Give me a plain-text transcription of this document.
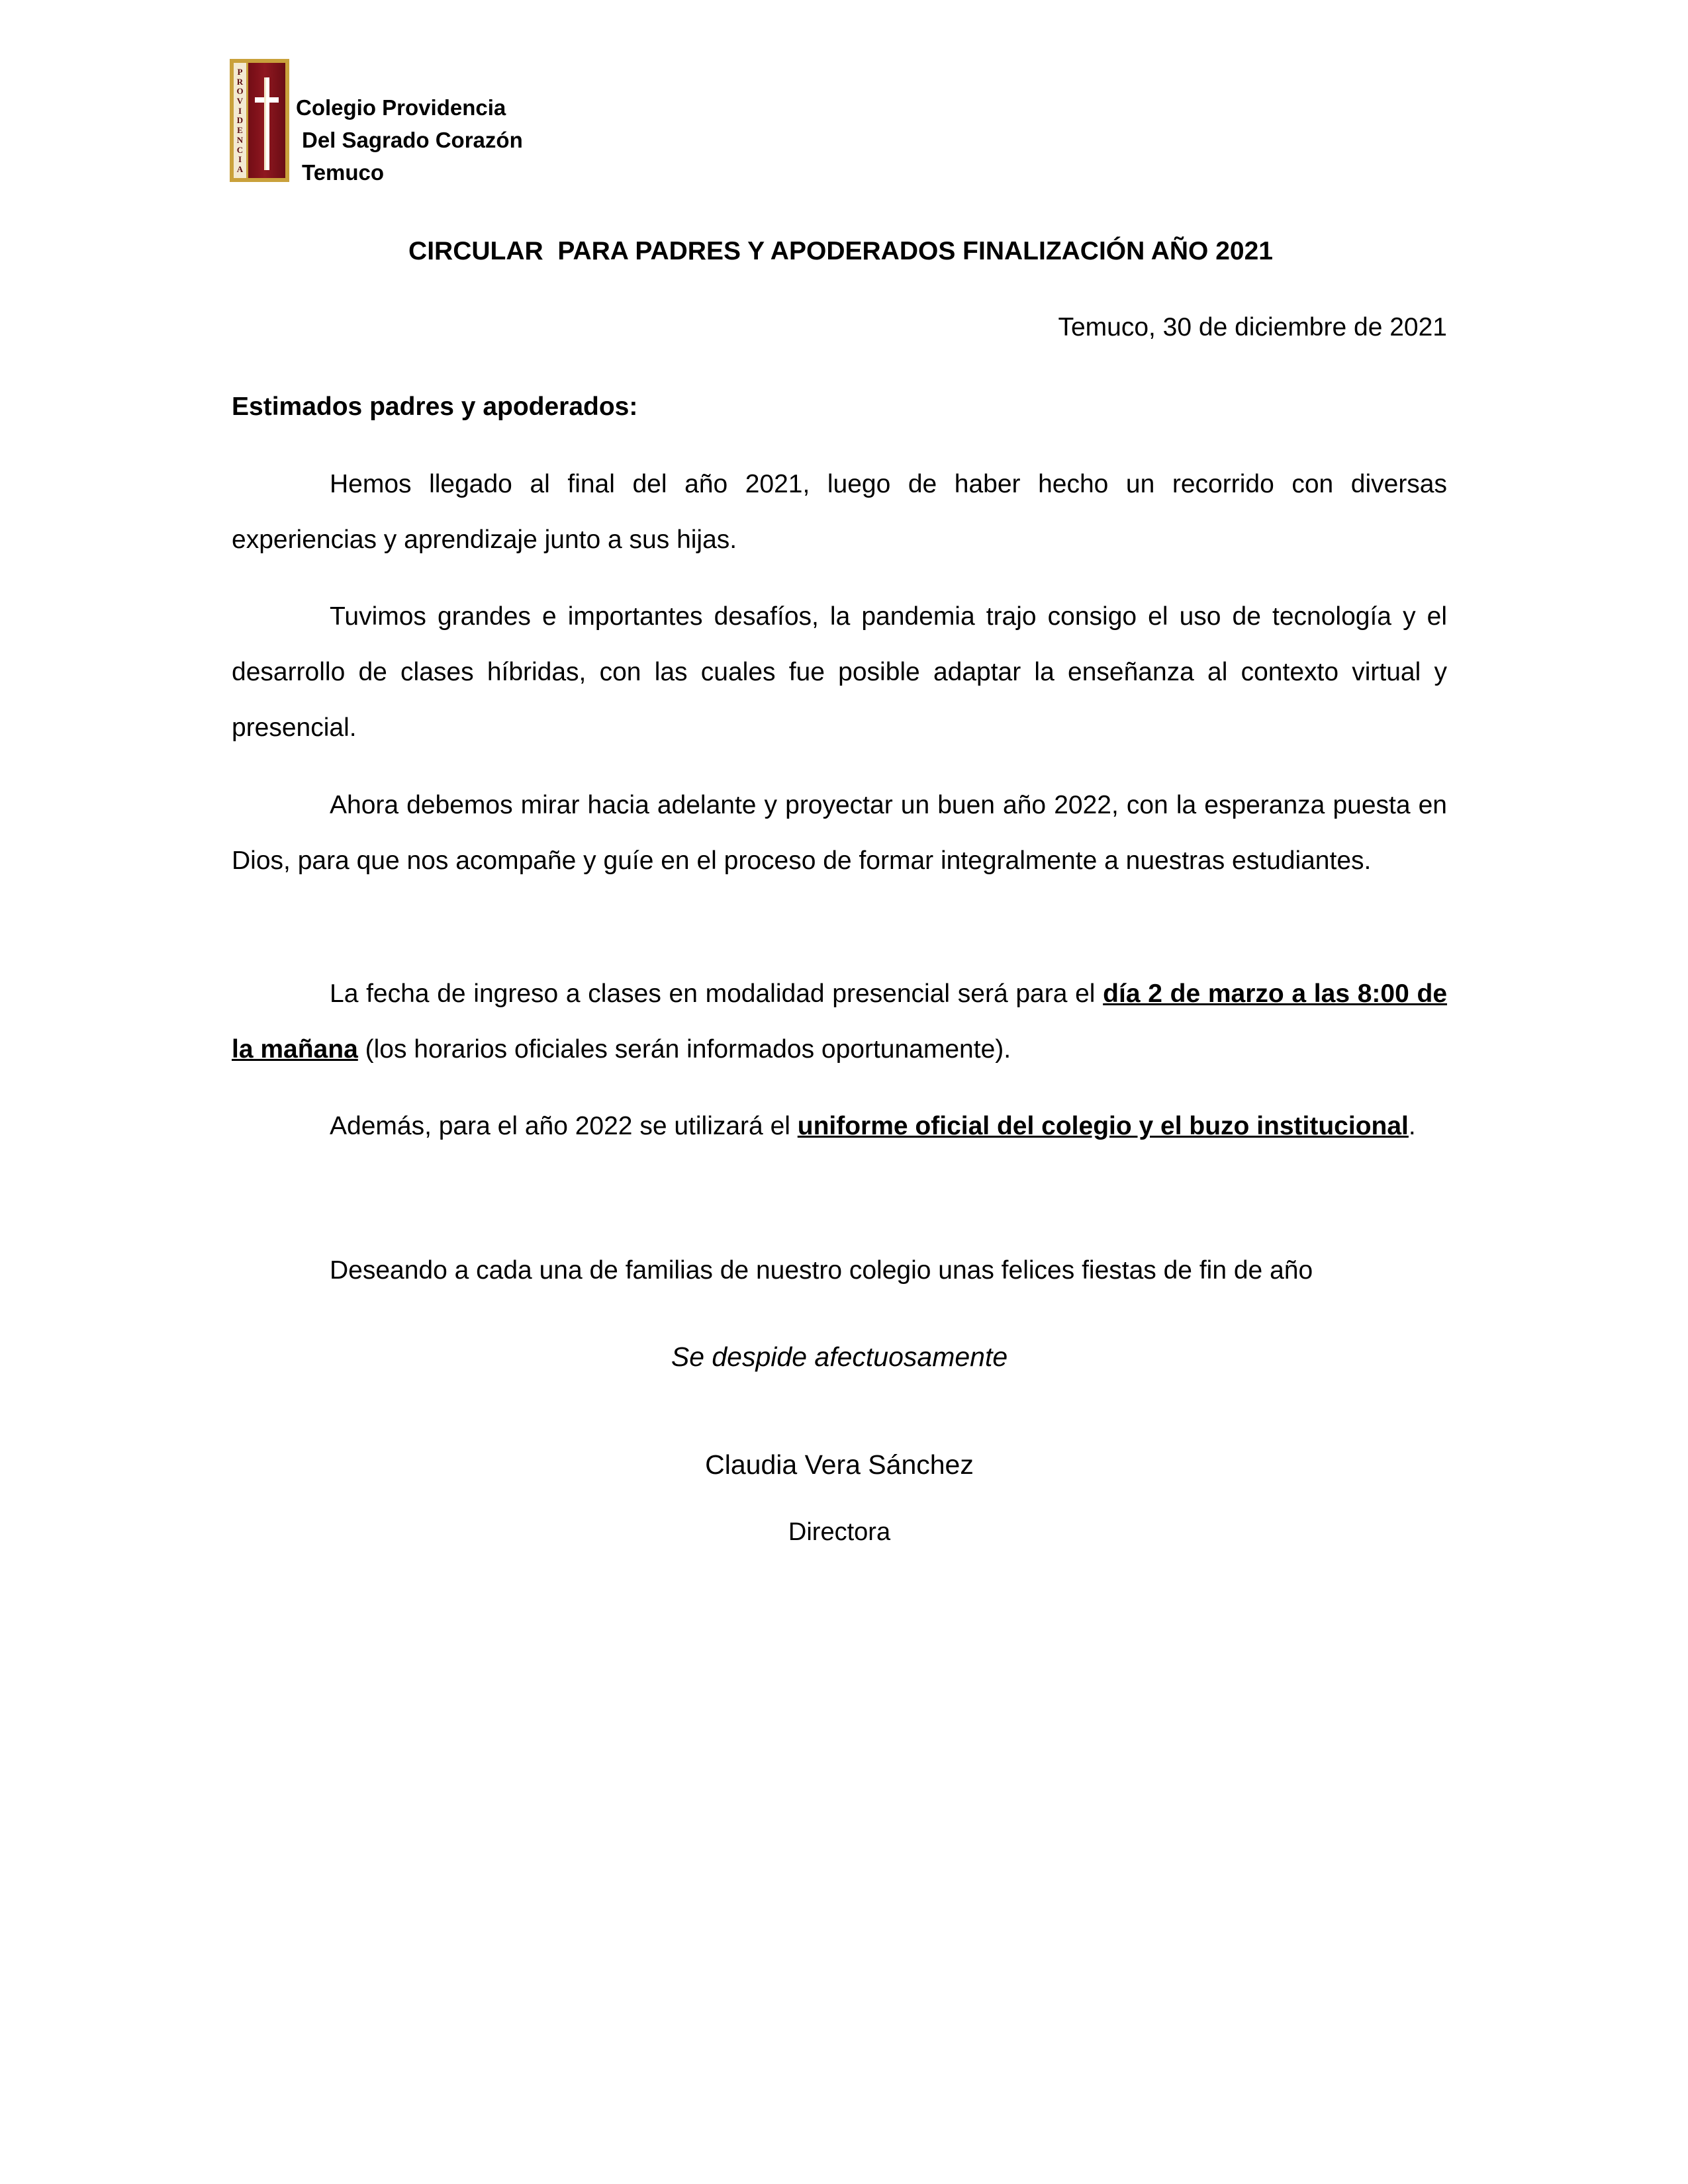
P
R
O
V
I
D
E
N
C
I
A
Colegio Providencia
Del Sagrado Corazón
Temuco
CIRCULAR  PARA PADRES Y APODERADOS FINALIZACIÓN AÑO 2021
Temuco, 30 de diciembre de 2021
Estimados padres y apoderados:
Hemos llegado al final del año 2021, luego de haber hecho un recorrido con diversas experiencias y aprendizaje junto a sus hijas.
Tuvimos grandes e importantes desafíos, la pandemia trajo consigo el uso de tecnología y el desarrollo de clases híbridas, con las cuales fue posible adaptar la enseñanza al contexto virtual y presencial.
Ahora debemos mirar hacia adelante y proyectar un buen año 2022, con la esperanza puesta en Dios, para que nos acompañe y guíe en el proceso de formar integralmente a nuestras estudiantes.
La fecha de ingreso a clases en modalidad presencial será para el día 2 de marzo a las 8:00 de la mañana (los horarios oficiales serán informados oportunamente).
Además, para el año 2022 se utilizará el uniforme oficial del colegio y el buzo institucional.
Deseando a cada una de familias de nuestro colegio unas felices fiestas de fin de año
Se despide afectuosamente
Claudia Vera Sánchez
Directora
